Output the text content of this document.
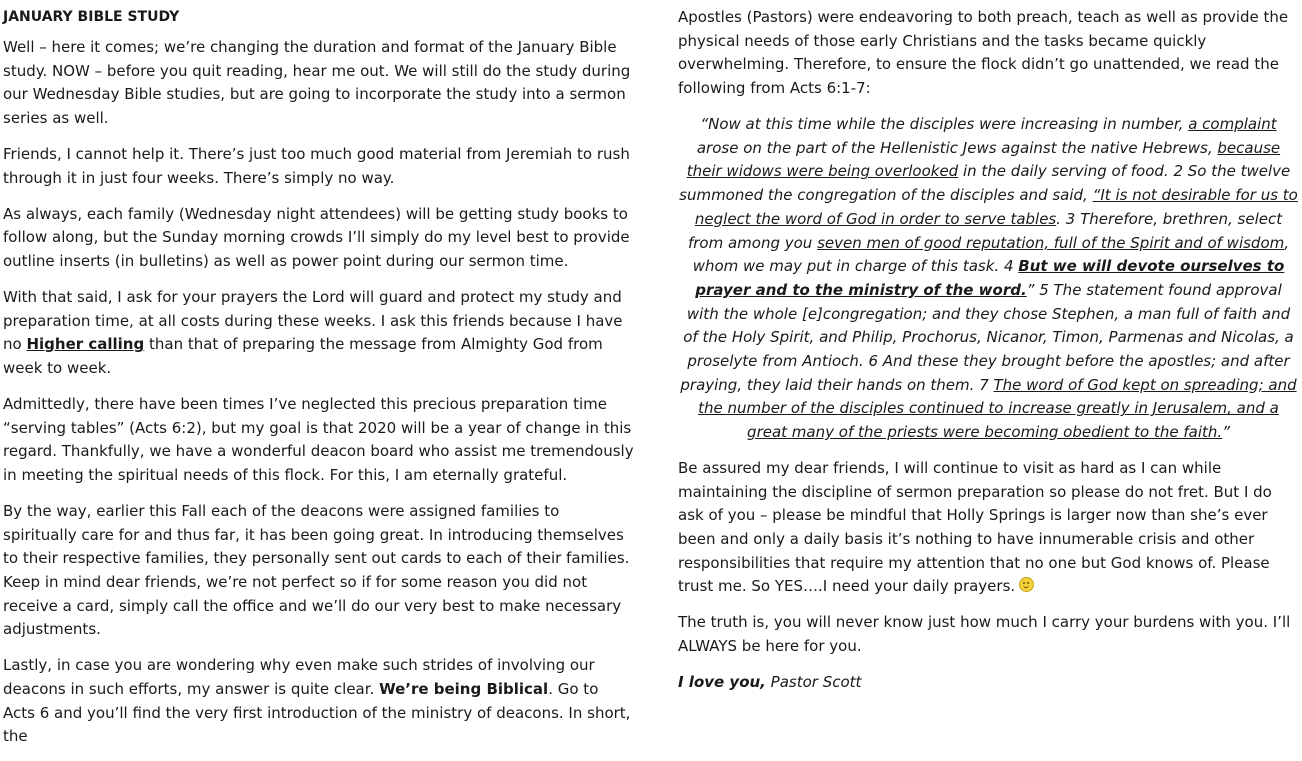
JANUARY BIBLE STUDY

Well – here it comes; we’re changing the duration and format of the January Bible study. NOW – before you quit reading, hear me out. We will still do the study during our Wednesday Bible studies, but are going to incorporate the study into a sermon series as well.

Friends, I cannot help it. There’s just too much good material from Jeremiah to rush through it in just four weeks. There’s simply no way.

As always, each family (Wednesday night attendees) will be getting study books to follow along, but the Sunday morning crowds I’ll simply do my level best to provide outline inserts (in bulletins) as well as power point during our sermon time.

With that said, I ask for your prayers the Lord will guard and protect my study and preparation time, at all costs during these weeks. I ask this friends because I have no Higher calling than that of preparing the message from Almighty God from week to week.

Admittedly, there have been times I’ve neglected this precious preparation time “serving tables” (Acts 6:2), but my goal is that 2020 will be a year of change in this regard. Thankfully, we have a wonderful deacon board who assist me tremendously in meeting the spiritual needs of this flock. For this, I am eternally grateful.

By the way, earlier this Fall each of the deacons were assigned families to spiritually care for and thus far, it has been going great. In introducing themselves to their respective families, they personally sent out cards to each of their families. Keep in mind dear friends, we’re not perfect so if for some reason you did not receive a card, simply call the office and we’ll do our very best to make necessary adjustments.

Lastly, in case you are wondering why even make such strides of involving our deacons in such efforts, my answer is quite clear. We’re being Biblical. Go to Acts 6 and you’ll find the very first introduction of the ministry of deacons. In short, the

Apostles (Pastors) were endeavoring to both preach, teach as well as provide the physical needs of those early Christians and the tasks became quickly overwhelming. Therefore, to ensure the flock didn’t go unattended, we read the following from Acts 6:1-7:

“Now at this time while the disciples were increasing in number, a complaint arose on the part of the Hellenistic Jews against the native Hebrews, because their widows were being overlooked in the daily serving of food. 2 So the twelve summoned the congregation of the disciples and said, “It is not desirable for us to neglect the word of God in order to serve tables. 3 Therefore, brethren, select from among you seven men of good reputation, full of the Spirit and of wisdom, whom we may put in charge of this task. 4 But we will devote ourselves to prayer and to the ministry of the word.” 5 The statement found approval with the whole [e]congregation; and they chose Stephen, a man full of faith and of the Holy Spirit, and Philip, Prochorus, Nicanor, Timon, Parmenas and Nicolas, a proselyte from Antioch. 6 And these they brought before the apostles; and after praying, they laid their hands on them. 7 The word of God kept on spreading; and the number of the disciples continued to increase greatly in Jerusalem, and a great many of the priests were becoming obedient to the faith.”

Be assured my dear friends, I will continue to visit as hard as I can while maintaining the discipline of sermon preparation so please do not fret. But I do ask of you – please be mindful that Holly Springs is larger now than she’s ever been and only a daily basis it’s nothing to have innumerable crisis and other responsibilities that require my attention that no one but God knows of. Please trust me. So YES….I need your daily prayers.

The truth is, you will never know just how much I carry your burdens with you. I’ll ALWAYS be here for you.

I love you, Pastor Scott
